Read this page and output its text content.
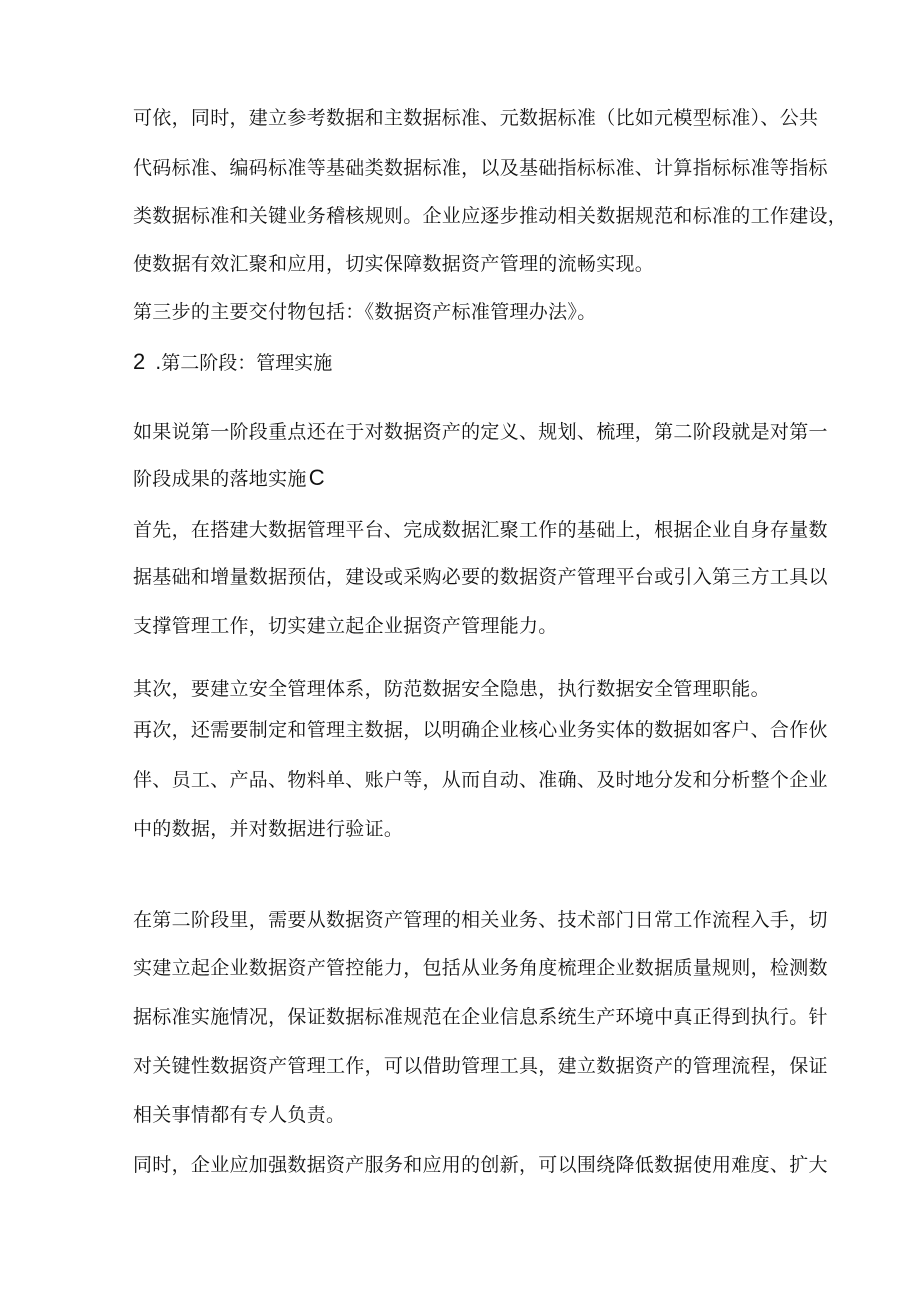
可依，同时，建立参考数据和主数据标准、元数据标准（比如元模型标准）、公共
代码标准、编码标准等基础类数据标准，以及基础指标标准、计算指标标准等指标
类数据标准和关键业务稽核规则。企业应逐步推动相关数据规范和标准的工作建设，
使数据有效汇聚和应用，切实保障数据资产管理的流畅实现。
第三步的主要交付物包括：《数据资产标准管理办法》。
2 .第二阶段：管理实施
如果说第一阶段重点还在于对数据资产的定义、规划、梳理，第二阶段就是对第一
阶段成果的落地实施C
首先，在搭建大数据管理平台、完成数据汇聚工作的基础上，根据企业自身存量数
据基础和增量数据预估，建设或采购必要的数据资产管理平台或引入第三方工具以
支撑管理工作，切实建立起企业据资产管理能力。
其次，要建立安全管理体系，防范数据安全隐患，执行数据安全管理职能。
再次，还需要制定和管理主数据，以明确企业核心业务实体的数据如客户、合作伙
伴、员工、产品、物料单、账户等，从而自动、准确、及时地分发和分析整个企业
中的数据，并对数据进行验证。
在第二阶段里，需要从数据资产管理的相关业务、技术部门日常工作流程入手，切
实建立起企业数据资产管控能力，包括从业务角度梳理企业数据质量规则，检测数
据标准实施情况，保证数据标准规范在企业信息系统生产环境中真正得到执行。针
对关键性数据资产管理工作，可以借助管理工具，建立数据资产的管理流程，保证
相关事情都有专人负责。
同时，企业应加强数据资产服务和应用的创新，可以围绕降低数据使用难度、扩大
